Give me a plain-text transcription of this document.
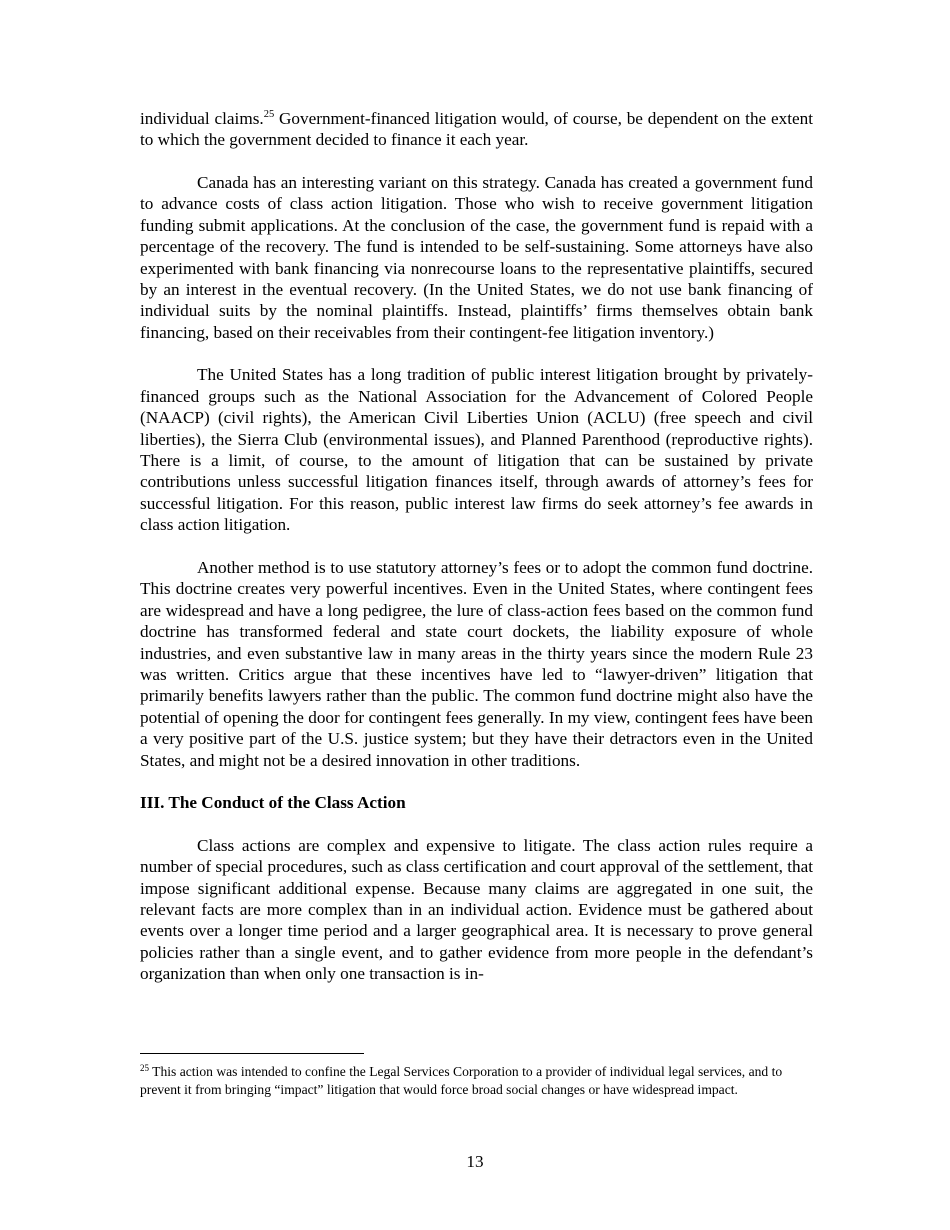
individual claims.$^{25}$ Government-financed litigation would, of course, be dependent on the extent to which the government decided to finance it each year.

Canada has an interesting variant on this strategy. Canada has created a government fund to advance costs of class action litigation. Those who wish to receive government litigation funding submit applications. At the conclusion of the case, the government fund is repaid with a percentage of the recovery. The fund is intended to be self-sustaining. Some attorneys have also experimented with bank financing via nonrecourse loans to the representative plaintiffs, secured by an interest in the eventual recovery. (In the United States, we do not use bank financing of individual suits by the nominal plaintiffs. Instead, plaintiffs’ firms themselves obtain bank financing, based on their receivables from their contingent-fee litigation inventory.)

The United States has a long tradition of public interest litigation brought by privately-financed groups such as the National Association for the Advancement of Colored People (NAACP) (civil rights), the American Civil Liberties Union (ACLU) (free speech and civil liberties), the Sierra Club (environmental issues), and Planned Parenthood (reproductive rights). There is a limit, of course, to the amount of litigation that can be sustained by private contributions unless successful litigation finances itself, through awards of attorney’s fees for successful litigation. For this reason, public interest law firms do seek attorney’s fee awards in class action litigation.

Another method is to use statutory attorney’s fees or to adopt the common fund doctrine. This doctrine creates very powerful incentives. Even in the United States, where contingent fees are widespread and have a long pedigree, the lure of class-action fees based on the common fund doctrine has transformed federal and state court dockets, the liability exposure of whole industries, and even substantive law in many areas in the thirty years since the modern Rule 23 was written. Critics argue that these incentives have led to “lawyer-driven” litigation that primarily benefits lawyers rather than the public. The common fund doctrine might also have the potential of opening the door for contingent fees generally. In my view, contingent fees have been a very positive part of the U.S. justice system; but they have their detractors even in the United States, and might not be a desired innovation in other traditions.

III. The Conduct of the Class Action

Class actions are complex and expensive to litigate. The class action rules require a number of special procedures, such as class certification and court approval of the settlement, that impose significant additional expense. Because many claims are aggregated in one suit, the relevant facts are more complex than in an individual action. Evidence must be gathered about events over a longer time period and a larger geographical area. It is necessary to prove general policies rather than a single event, and to gather evidence from more people in the defendant’s organization than when only one transaction is in-

$^{25}$ This action was intended to confine the Legal Services Corporation to a provider of individual legal services, and to prevent it from bringing “impact” litigation that would force broad social changes or have widespread impact.
13
